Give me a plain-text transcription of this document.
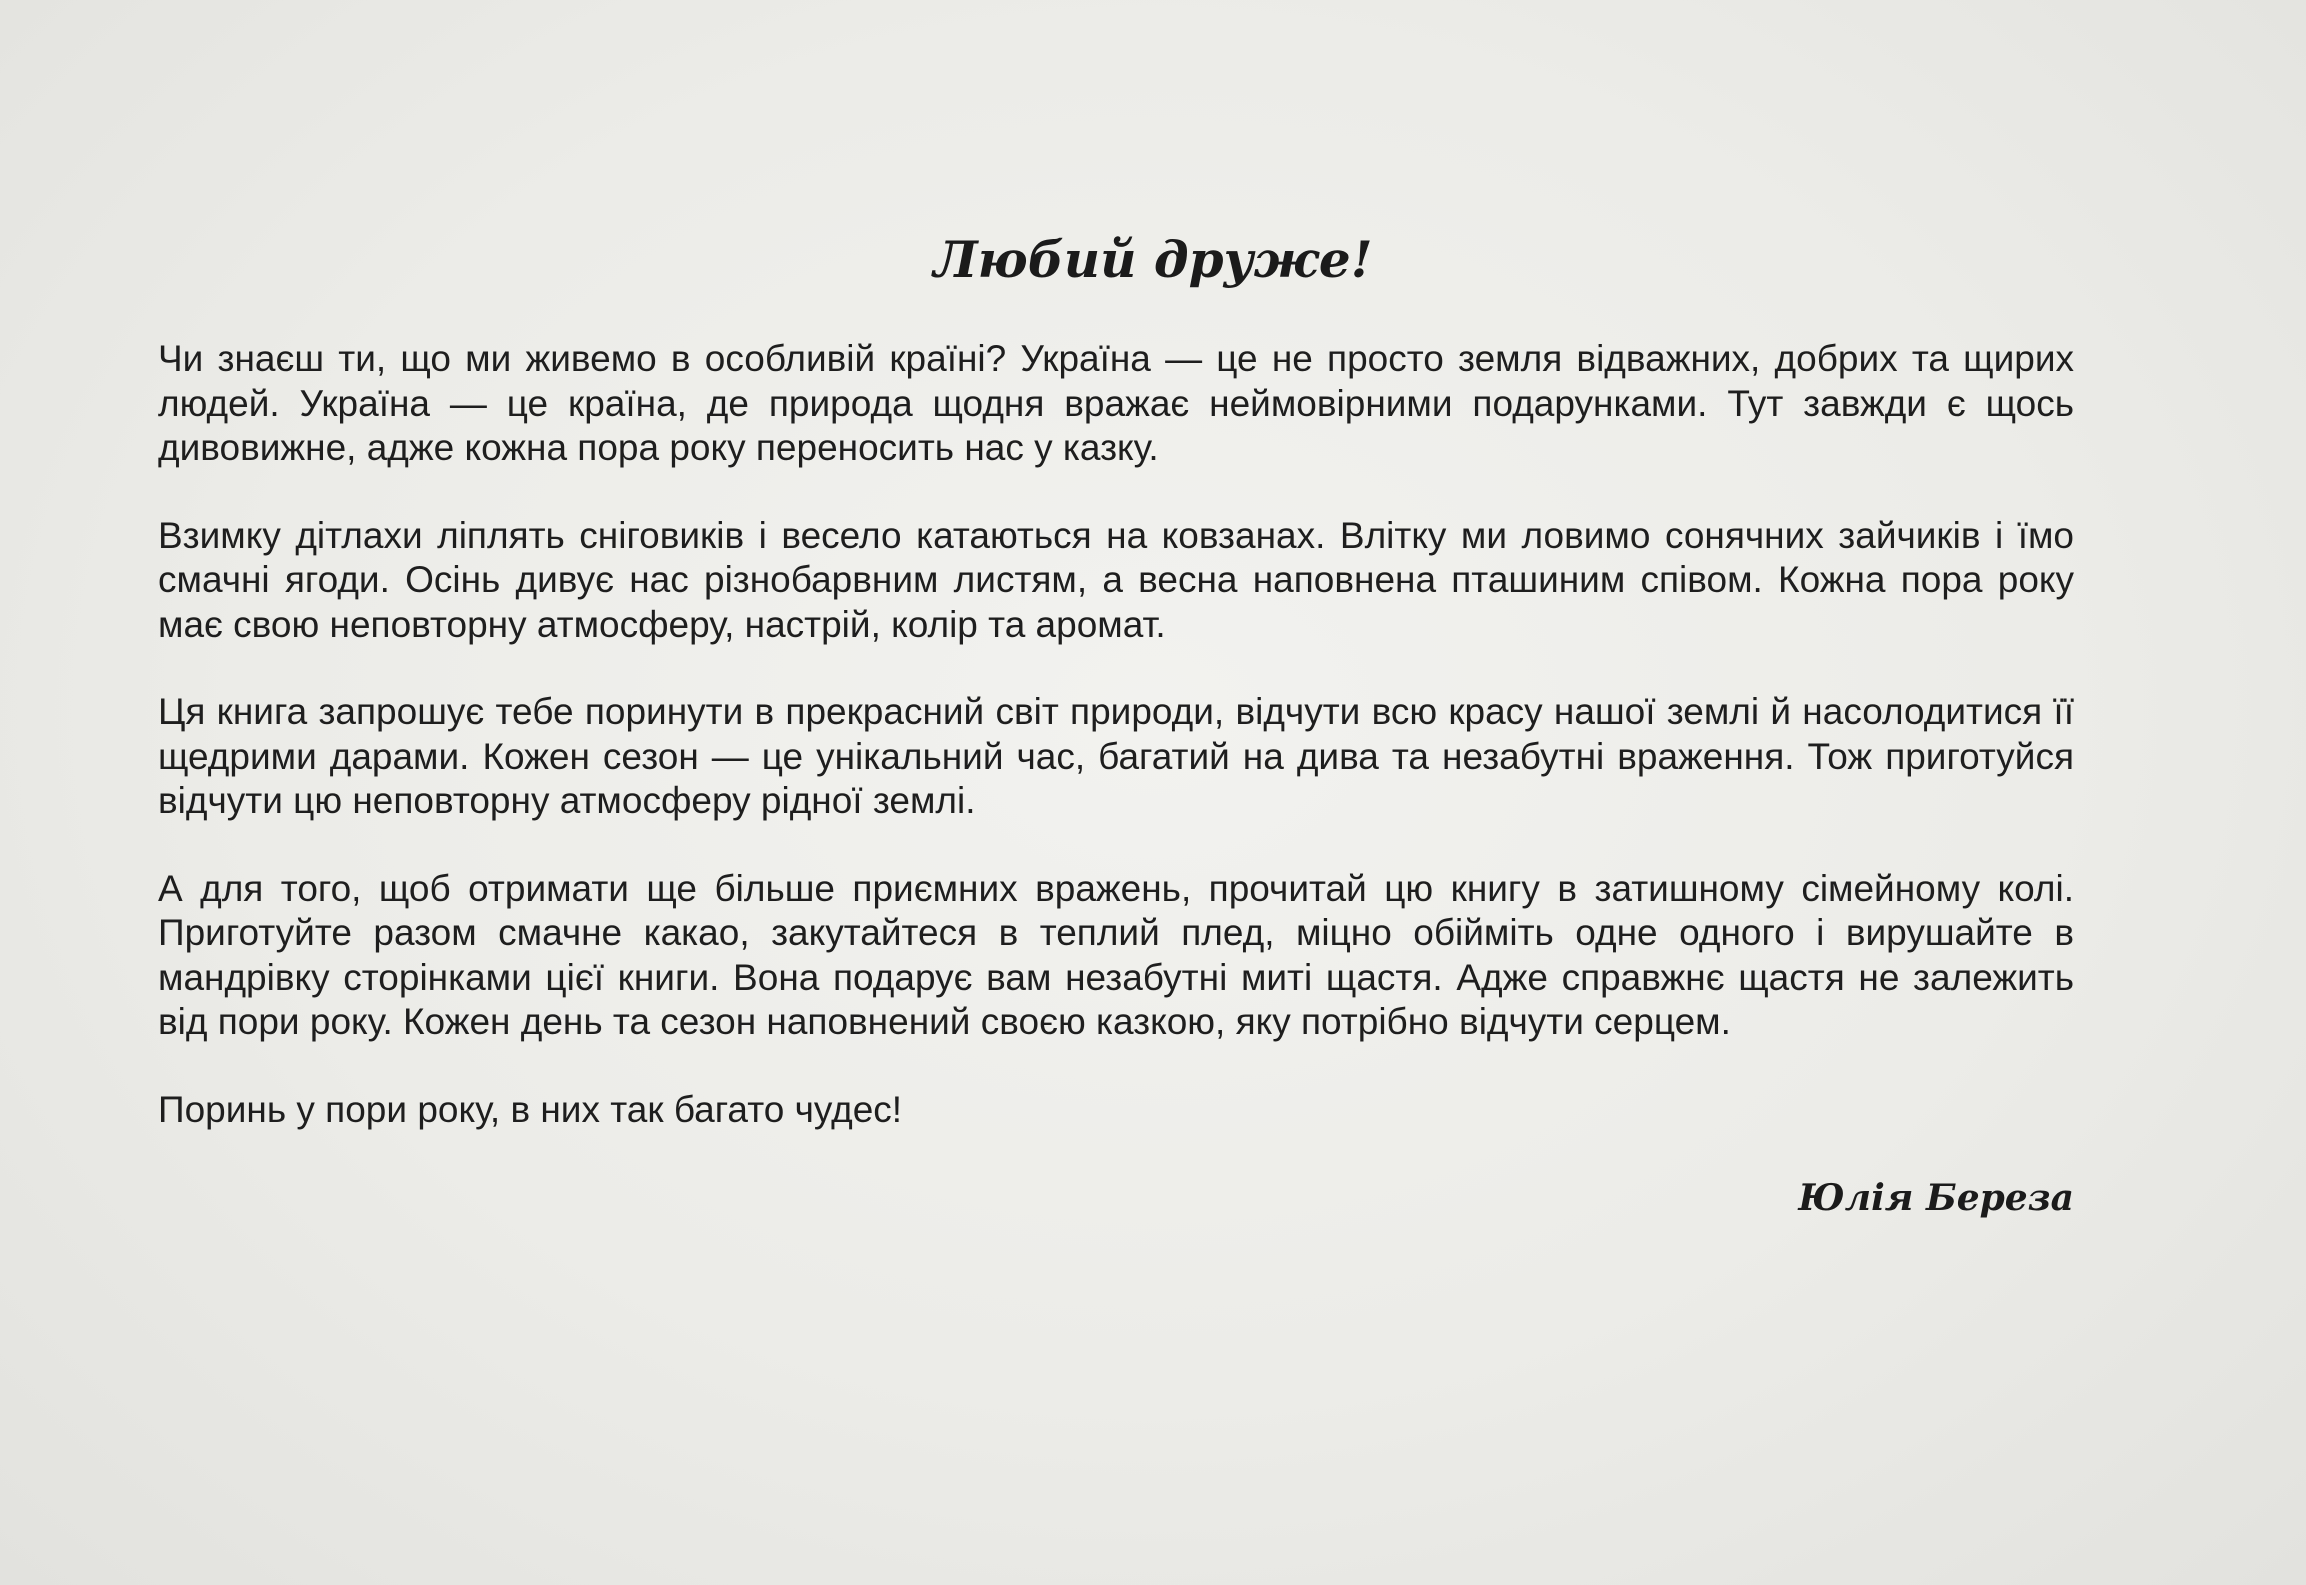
Любий друже!

Чи знаєш ти, що ми живемо в особливій країні? Україна — це не просто земля відважних, добрих та щирих людей. Україна — це країна, де природа щодня вражає неймовірними подарунками. Тут завжди є щось дивовижне, адже кожна пора року переносить нас у казку.

Взимку дітлахи ліплять сніговиків і весело катаються на ковзанах. Влітку ми ловимо сонячних зайчиків і їмо смачні ягоди. Осінь дивує нас різнобарвним листям, а весна наповнена пташиним співом. Кожна пора року має свою неповторну атмосферу, настрій, колір та аромат.

Ця книга запрошує тебе поринути в прекрасний світ природи, відчути всю красу нашої землі й насолодитися її щедрими дарами. Кожен сезон — це унікальний час, багатий на дива та незабутні враження. Тож приготуйся відчути цю неповторну атмосферу рідної землі.

А для того, щоб отримати ще більше приємних вражень, прочитай цю книгу в затишному сімейному колі. Приготуйте разом смачне какао, закутайтеся в теплий плед, міцно обійміть одне одного і вирушайте в мандрівку сторінками цієї книги. Вона подарує вам незабутні миті щастя. Адже справжнє щастя не залежить від пори року. Кожен день та сезон наповнений своєю казкою, яку потрібно відчути серцем.

Поринь у пори року, в них так багато чудес!

Юлія Береза
